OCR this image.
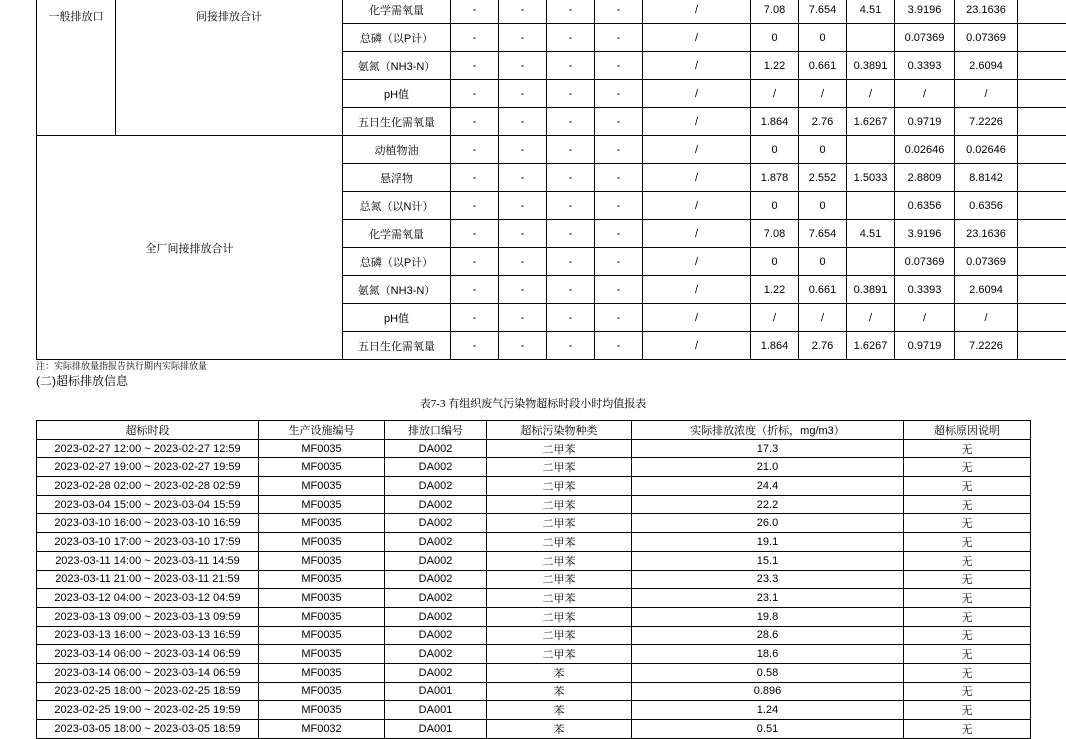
一般排放口	间接排放合计	化学需氧量	-	-	-	-	/	7.08	7.654	4.51	3.9196	23.1636	
		总磷（以P计）	-	-	-	-	/	0	0		0.07369	0.07369	
		氨氮（NH3-N）	-	-	-	-	/	1.22	0.661	0.3891	0.3393	2.6094	
		pH值	-	-	-	-	/	/	/	/	/	/	
		五日生化需氧量	-	-	-	-	/	1.864	2.76	1.6267	0.9719	7.2226	
全厂间接排放合计		动植物油	-	-	-	-	/	0	0		0.02646	0.02646	
		悬浮物	-	-	-	-	/	1.878	2.552	1.5033	2.8809	8.8142	
		总氮（以N计）	-	-	-	-	/	0	0		0.6356	0.6356	
		化学需氧量	-	-	-	-	/	7.08	7.654	4.51	3.9196	23.1636	
		总磷（以P计）	-	-	-	-	/	0	0		0.07369	0.07369	
		氨氮（NH3-N）	-	-	-	-	/	1.22	0.661	0.3891	0.3393	2.6094	
		pH值	-	-	-	-	/	/	/	/	/	/	
		五日生化需氧量	-	-	-	-	/	1.864	2.76	1.6267	0.9719	7.2226	
注：实际排放量指报告执行期内实际排放量
(二)超标排放信息
表7-3 有组织废气污染物超标时段小时均值报表
超标时段	生产设施编号	排放口编号	超标污染物种类	实际排放浓度（折标，mg/m3）	超标原因说明
2023-02-27 12:00 ~ 2023-02-27 12:59	MF0035	DA002	二甲苯	17.3	无
2023-02-27 19:00 ~ 2023-02-27 19:59	MF0035	DA002	二甲苯	21.0	无
2023-02-28 02:00 ~ 2023-02-28 02:59	MF0035	DA002	二甲苯	24.4	无
2023-03-04 15:00 ~ 2023-03-04 15:59	MF0035	DA002	二甲苯	22.2	无
2023-03-10 16:00 ~ 2023-03-10 16:59	MF0035	DA002	二甲苯	26.0	无
2023-03-10 17:00 ~ 2023-03-10 17:59	MF0035	DA002	二甲苯	19.1	无
2023-03-11 14:00 ~ 2023-03-11 14:59	MF0035	DA002	二甲苯	15.1	无
2023-03-11 21:00 ~ 2023-03-11 21:59	MF0035	DA002	二甲苯	23.3	无
2023-03-12 04:00 ~ 2023-03-12 04:59	MF0035	DA002	二甲苯	23.1	无
2023-03-13 09:00 ~ 2023-03-13 09:59	MF0035	DA002	二甲苯	19.8	无
2023-03-13 16:00 ~ 2023-03-13 16:59	MF0035	DA002	二甲苯	28.6	无
2023-03-14 06:00 ~ 2023-03-14 06:59	MF0035	DA002	二甲苯	18.6	无
2023-03-14 06:00 ~ 2023-03-14 06:59	MF0035	DA002	苯	0.58	无
2023-02-25 18:00 ~ 2023-02-25 18:59	MF0035	DA001	苯	0.896	无
2023-02-25 19:00 ~ 2023-02-25 19:59	MF0035	DA001	苯	1.24	无
2023-03-05 18:00 ~ 2023-03-05 18:59	MF0032	DA001	苯	0.51	无
